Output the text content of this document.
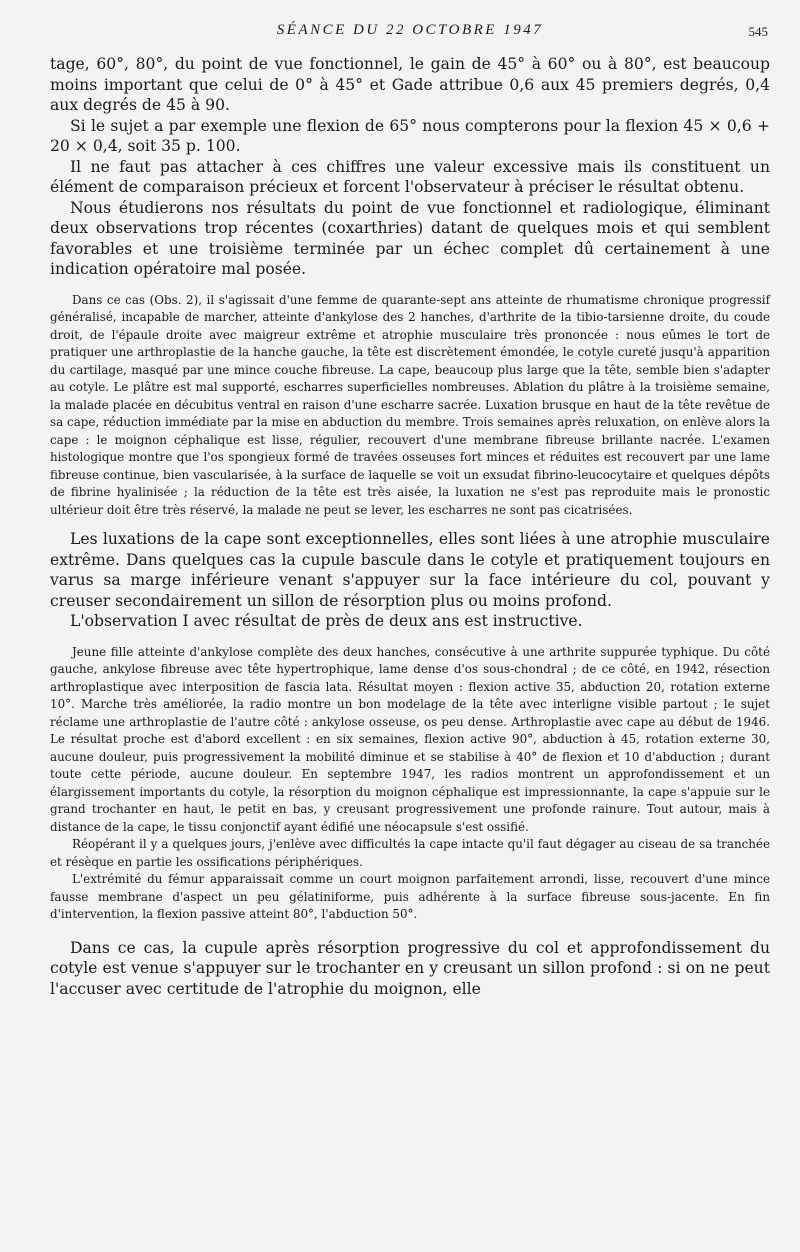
SÉANCE DU 22 OCTOBRE 1947	545

tage, 60°, 80°, du point de vue fonctionnel, le gain de 45° à 60° ou à 80°, est beaucoup moins important que celui de 0° à 45° et Gade attribue 0,6 aux 45 premiers degrés, 0,4 aux degrés de 45 à 90.

Si le sujet a par exemple une flexion de 65° nous compterons pour la flexion 45 × 0,6 + 20 × 0,4, soit 35 p. 100.

Il ne faut pas attacher à ces chiffres une valeur excessive mais ils constituent un élément de comparaison précieux et forcent l'observateur à préciser le résultat obtenu.

Nous étudierons nos résultats du point de vue fonctionnel et radiologique, éliminant deux observations trop récentes (coxarthries) datant de quelques mois et qui semblent favorables et une troisième terminée par un échec complet dû certainement à une indication opératoire mal posée.

Dans ce cas (Obs. 2), il s'agissait d'une femme de quarante-sept ans atteinte de rhumatisme chronique progressif généralisé, incapable de marcher, atteinte d'ankylose des 2 hanches, d'arthrite de la tibio-tarsienne droite, du coude droit, de l'épaule droite avec maigreur extrême et atrophie musculaire très prononcée : nous eûmes le tort de pratiquer une arthroplastie de la hanche gauche, la tête est discrètement émondée, le cotyle cureté jusqu'à apparition du cartilage, masqué par une mince couche fibreuse. La cape, beaucoup plus large que la tête, semble bien s'adapter au cotyle. Le plâtre est mal supporté, escharres superficielles nombreuses. Ablation du plâtre à la troisième semaine, la malade placée en décubitus ventral en raison d'une escharre sacrée. Luxation brusque en haut de la tête revêtue de sa cape, réduction immédiate par la mise en abduction du membre. Trois semaines après reluxation, on enlève alors la cape : le moignon céphalique est lisse, régulier, recouvert d'une membrane fibreuse brillante nacrée. L'examen histologique montre que l'os spongieux formé de travées osseuses fort minces et réduites est recouvert par une lame fibreuse continue, bien vascularisée, à la surface de laquelle se voit un exsudat fibrino-leucocytaire et quelques dépôts de fibrine hyalinisée ; la réduction de la tête est très aisée, la luxation ne s'est pas reproduite mais le pronostic ultérieur doit être très réservé, la malade ne peut se lever, les escharres ne sont pas cicatrisées.

Les luxations de la cape sont exceptionnelles, elles sont liées à une atrophie musculaire extrême. Dans quelques cas la cupule bascule dans le cotyle et pratiquement toujours en varus sa marge inférieure venant s'appuyer sur la face intérieure du col, pouvant y creuser secondairement un sillon de résorption plus ou moins profond.

L'observation I avec résultat de près de deux ans est instructive.

Jeune fille atteinte d'ankylose complète des deux hanches, consécutive à une arthrite suppurée typhique. Du côté gauche, ankylose fibreuse avec tête hypertrophique, lame dense d'os sous-chondral ; de ce côté, en 1942, résection arthroplastique avec interposition de fascia lata. Résultat moyen : flexion active 35, abduction 20, rotation externe 10°. Marche très améliorée, la radio montre un bon modelage de la tête avec interligne visible partout ; le sujet réclame une arthroplastie de l'autre côté : ankylose osseuse, os peu dense. Arthroplastie avec cape au début de 1946. Le résultat proche est d'abord excellent : en six semaines, flexion active 90°, abduction à 45, rotation externe 30, aucune douleur, puis progressivement la mobilité diminue et se stabilise à 40° de flexion et 10 d'abduction ; durant toute cette période, aucune douleur. En septembre 1947, les radios montrent un approfondissement et un élargissement importants du cotyle, la résorption du moignon céphalique est impressionnante, la cape s'appuie sur le grand trochanter en haut, le petit en bas, y creusant progressivement une profonde rainure. Tout autour, mais à distance de la cape, le tissu conjonctif ayant édifié une néocapsule s'est ossifié.

Réopérant il y a quelques jours, j'enlève avec difficultés la cape intacte qu'il faut dégager au ciseau de sa tranchée et résèque en partie les ossifications périphériques.

L'extrémité du fémur apparaissait comme un court moignon parfaitement arrondi, lisse, recouvert d'une mince fausse membrane d'aspect un peu gélatiniforme, puis adhérente à la surface fibreuse sous-jacente. En fin d'intervention, la flexion passive atteint 80°, l'abduction 50°.

Dans ce cas, la cupule après résorption progressive du col et approfondissement du cotyle est venue s'appuyer sur le trochanter en y creusant un sillon profond : si on ne peut l'accuser avec certitude de l'atrophie du moignon, elle
